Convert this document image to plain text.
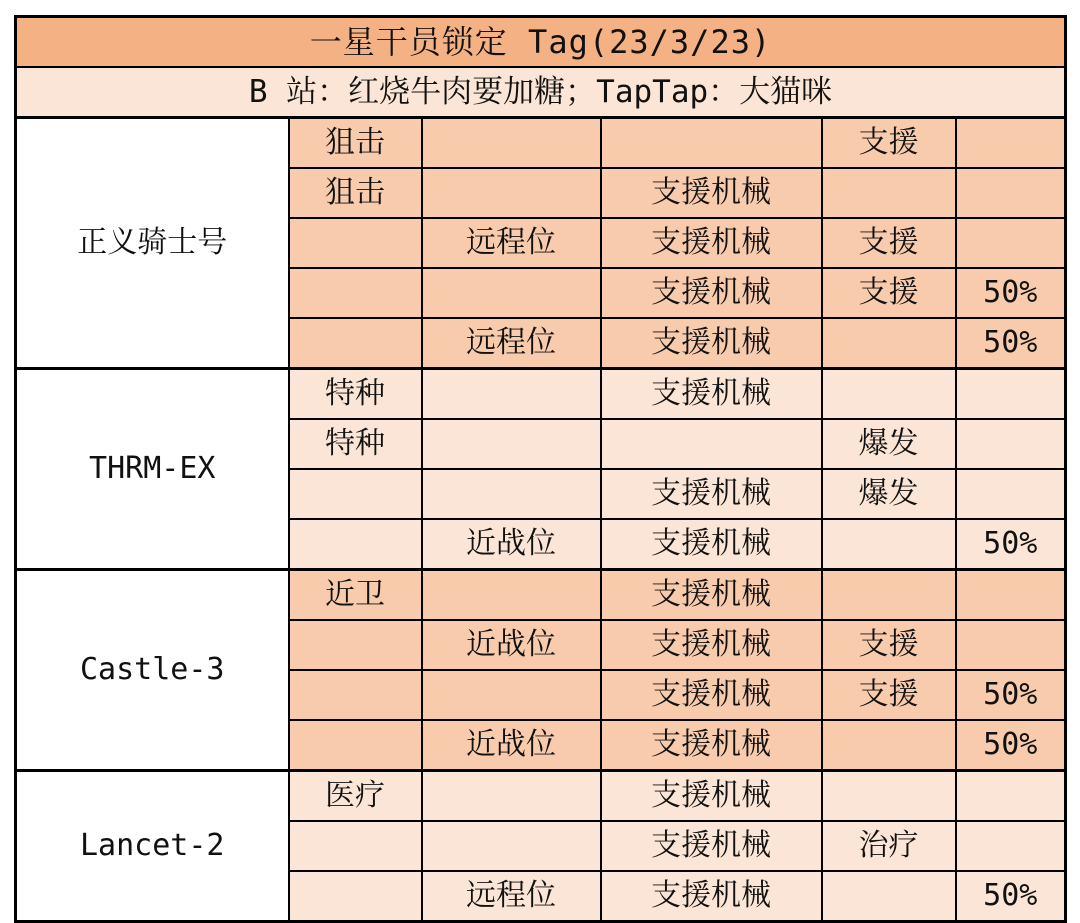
一星干员锁定 Tag(23/3/23)					
B 站：红烧牛肉要加糖；TapTap：大猫咪					
正义骑士号	狙击			支援	
	狙击		支援机械		
		远程位	支援机械	支援	
			支援机械	支援	50%
		远程位	支援机械		50%
THRM-EX	特种		支援机械		
	特种			爆发	
			支援机械	爆发	
		近战位	支援机械		50%
Castle-3	近卫		支援机械		
		近战位	支援机械	支援	
			支援机械	支援	50%
		近战位	支援机械		50%
Lancet-2	医疗		支援机械		
			支援机械	治疗	
		远程位	支援机械		50%
